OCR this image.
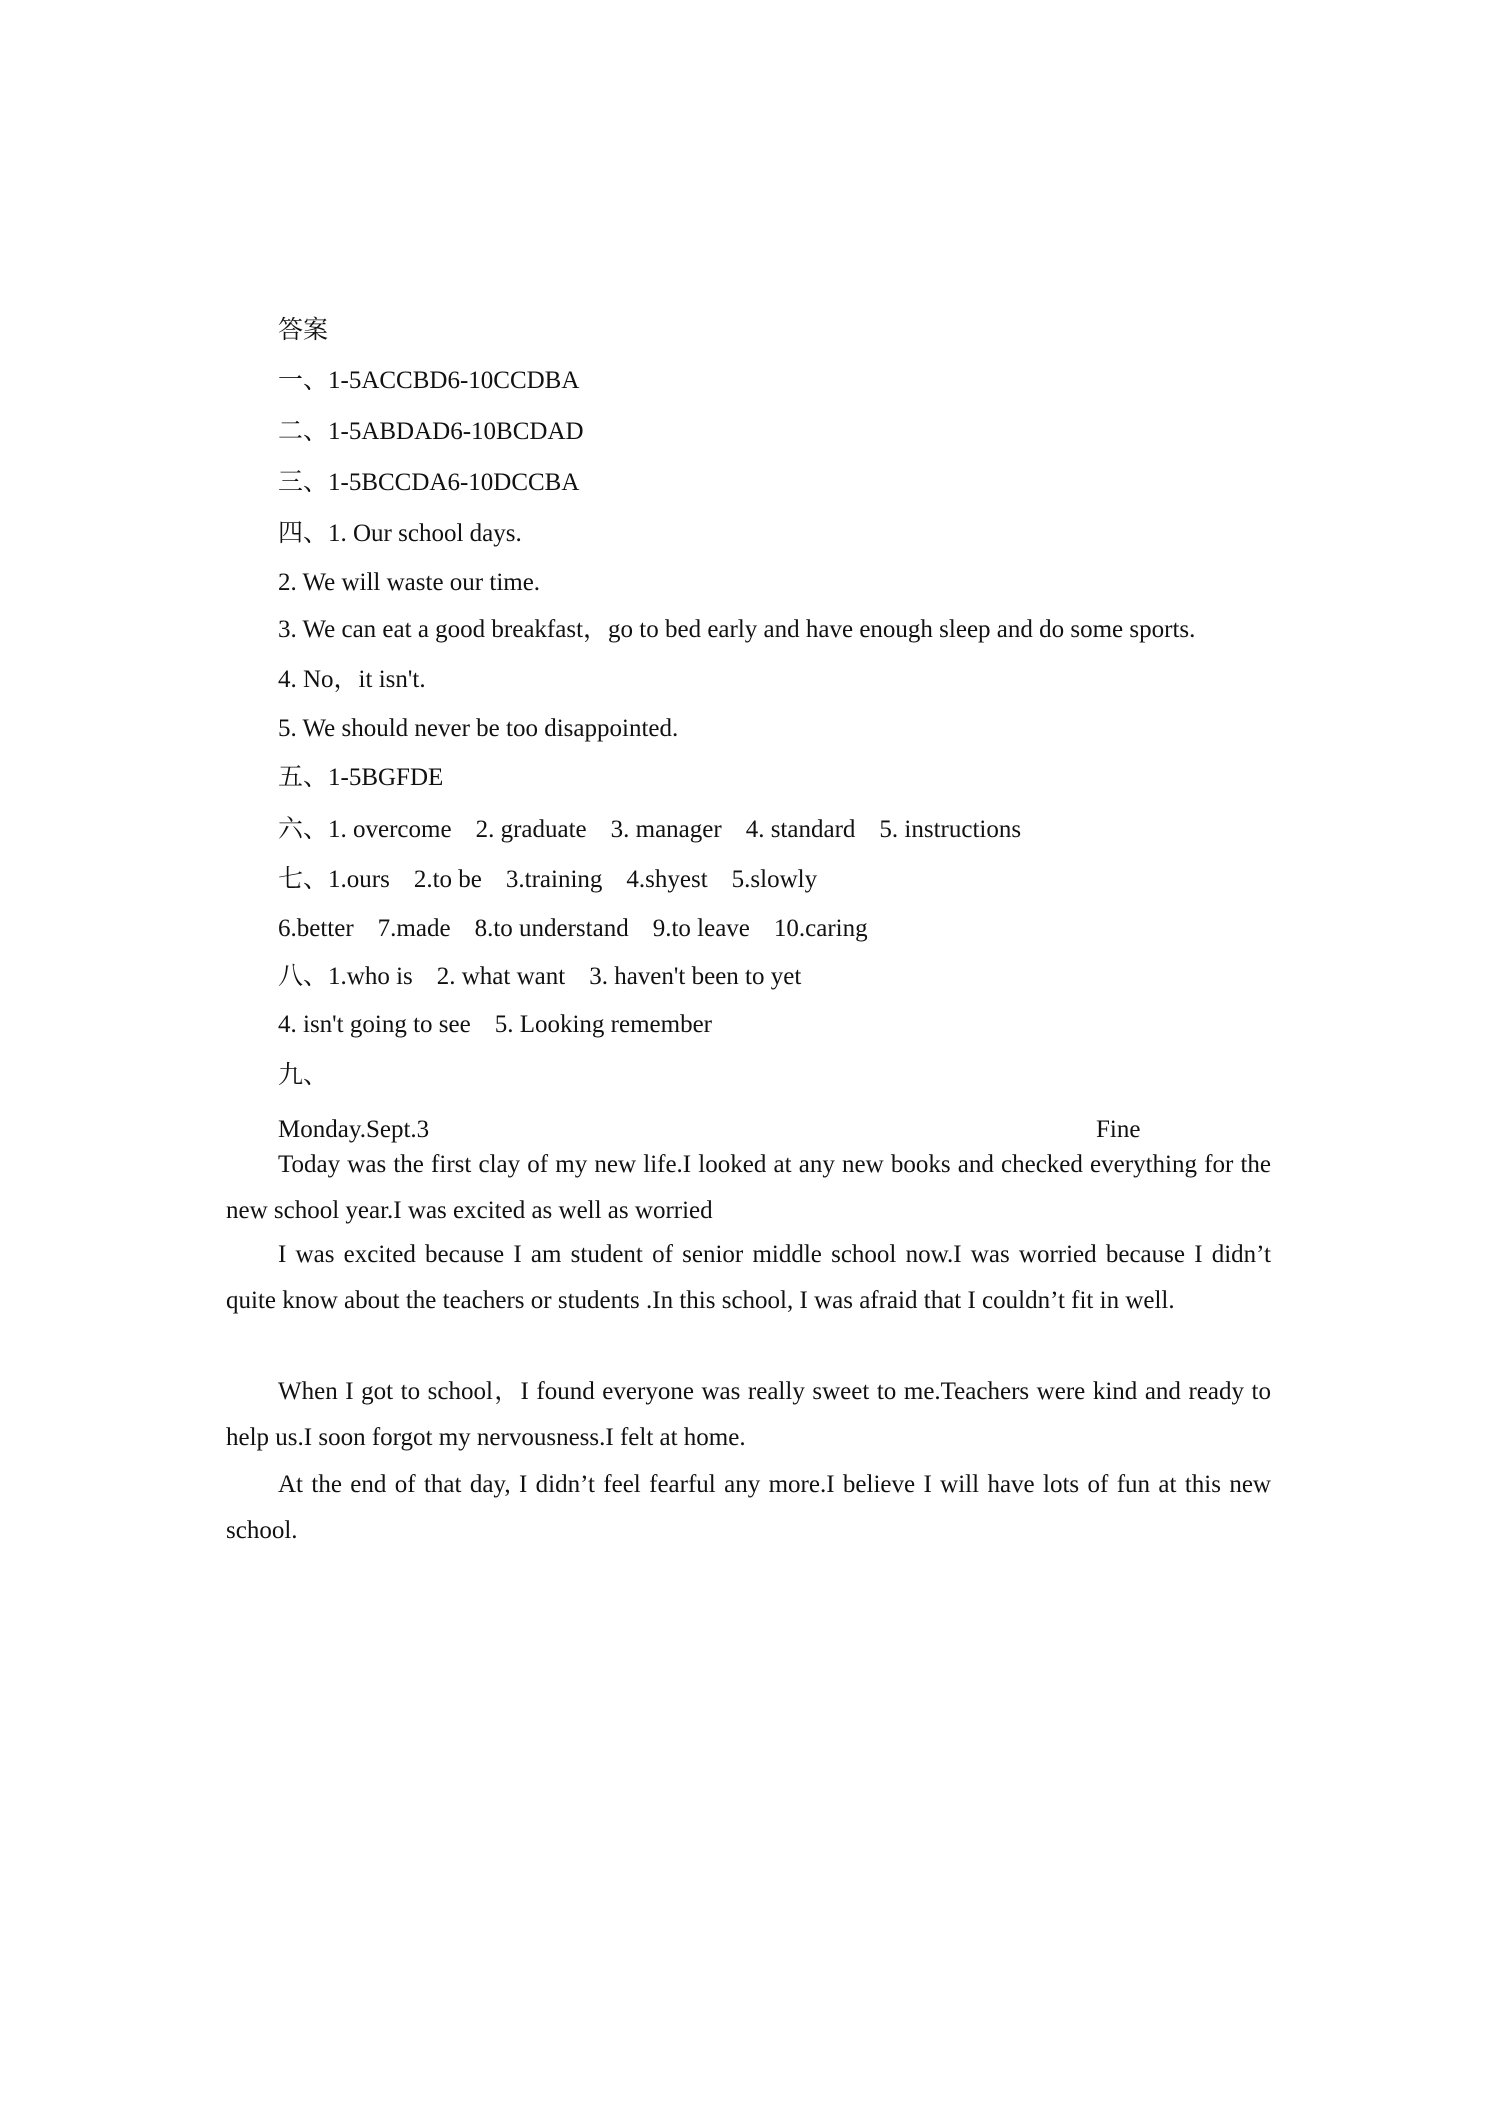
答案
一、1-5ACCBD6-10CCDBA
二、1-5ABDAD6-10BCDAD
三、1-5BCCDA6-10DCCBA
四、1. Our school days.
2. We will waste our time.
3. We can eat a good breakfast，go to bed early and have enough sleep and do some sports.
4. No，it isn't.
5. We should never be too disappointed.
五、1-5BGFDE
六、1. overcome 2. graduate 3. manager 4. standard 5. instructions
七、1.ours 2.to be 3.training 4.shyest 5.slowly
6.better 7.made 8.to understand 9.to leave 10.caring
八、1.who is 2. what want 3. haven't been to yet
4. isn't going to see 5. Looking remember
九、
Monday.Sept.3	Fine
Today was the first clay of my new life.I looked at any new books and checked everything for the new school year.I was excited as well as worried
I was excited because I am student of senior middle school now.I was worried because I didn’t quite know about the teachers or students .In this school, I was afraid that I couldn’t fit in well.
When I got to school，I found everyone was really sweet to me.Teachers were kind and ready to help us.I soon forgot my nervousness.I felt at home.
At the end of that day, I didn’t feel fearful any more.I believe I will have lots of fun at this new school.
